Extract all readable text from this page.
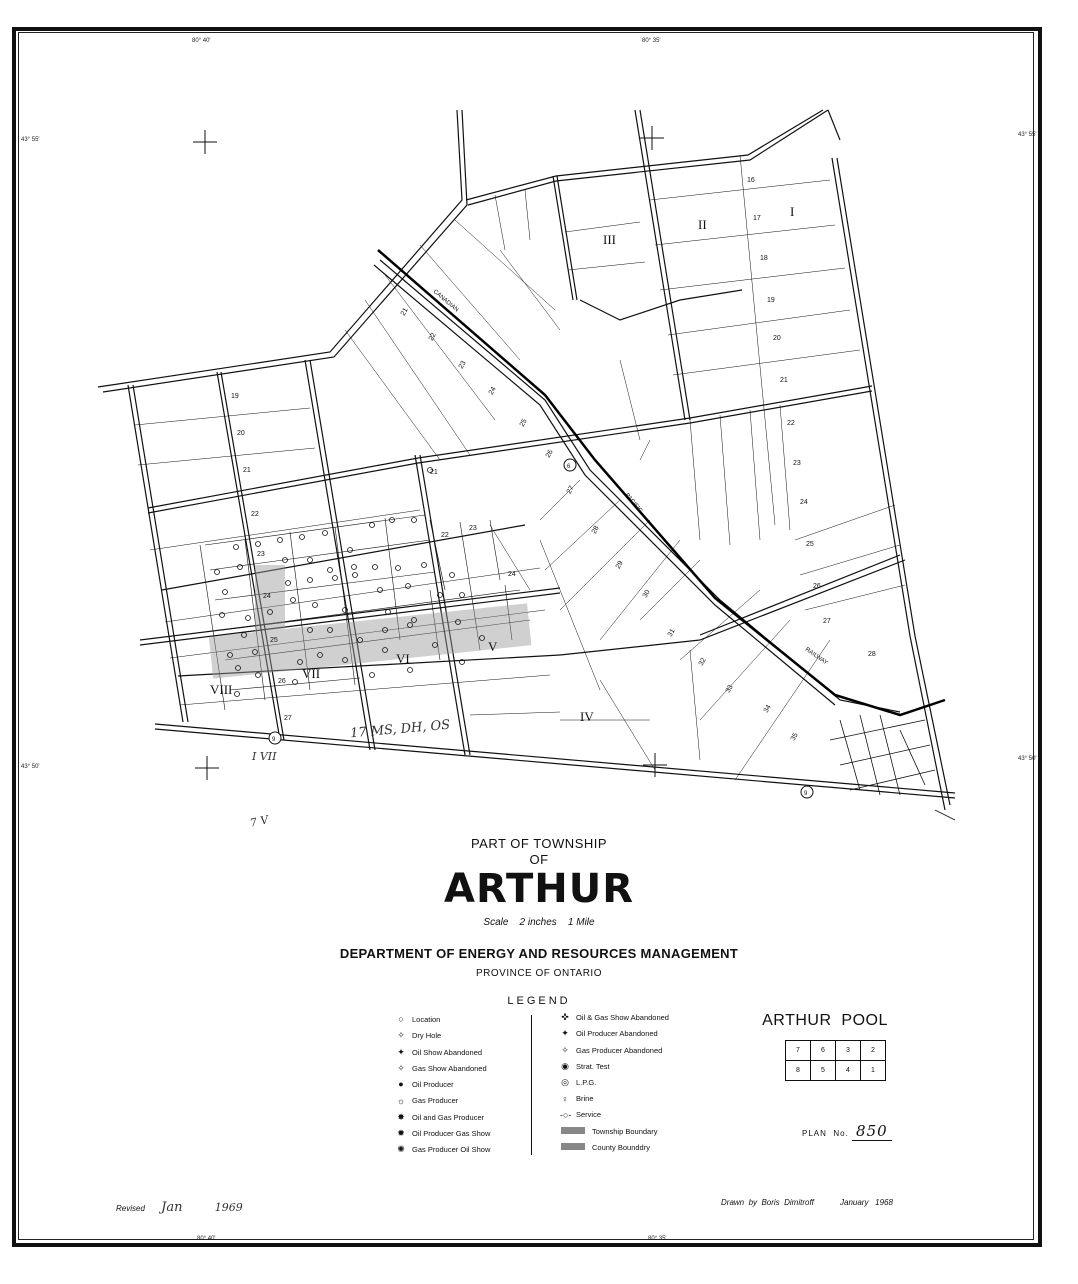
80° 40'	80° 35'
43° 55'
43° 55'
43° 50'
43° 50'
80° 40'	80° 35'
16
17
18
19
20
21
22
23
24
25
26
27
28
19
20
21
22
23
24
25
26
27
21
22
23
24
21
22
23
24
25
26
27
28
29
30
31
32
33
34
35
I
II
III
IV
V
VI
VII
VIII
CANADIAN
PACIFIC
RAILWAY
6
9
9
PART OF TOWNSHIP
OF
ARTHUR
Scale    2 inches    1 Mile
DEPARTMENT OF ENERGY AND RESOURCES MANAGEMENT
PROVINCE OF ONTARIO
LEGEND
○	Location
✧ Dry Hole
✦ Oil Show Abandoned
✧ Gas Show Abandoned
●	Oil Producer
☼ Gas Producer
✸ Oil and Gas Producer
✹ Oil Producer Gas Show
✺ Gas Producer Oil Show
✜ Oil & Gas Show Abandoned
✦ Oil Producer Abandoned
✧ Gas Producer Abandoned
◉ Strat. Test
◎ L.P.G.
♀ Brine
-○- Service
Township Boundary
County Bounddry
ARTHUR  POOL
7	6	3	2
8	5	4	1
PLAN  No. 850
17 MS, DH, OS
7 V
I VII
Revised Jan	1969	Drawn  by  Boris  Dimitroff	January   1968
